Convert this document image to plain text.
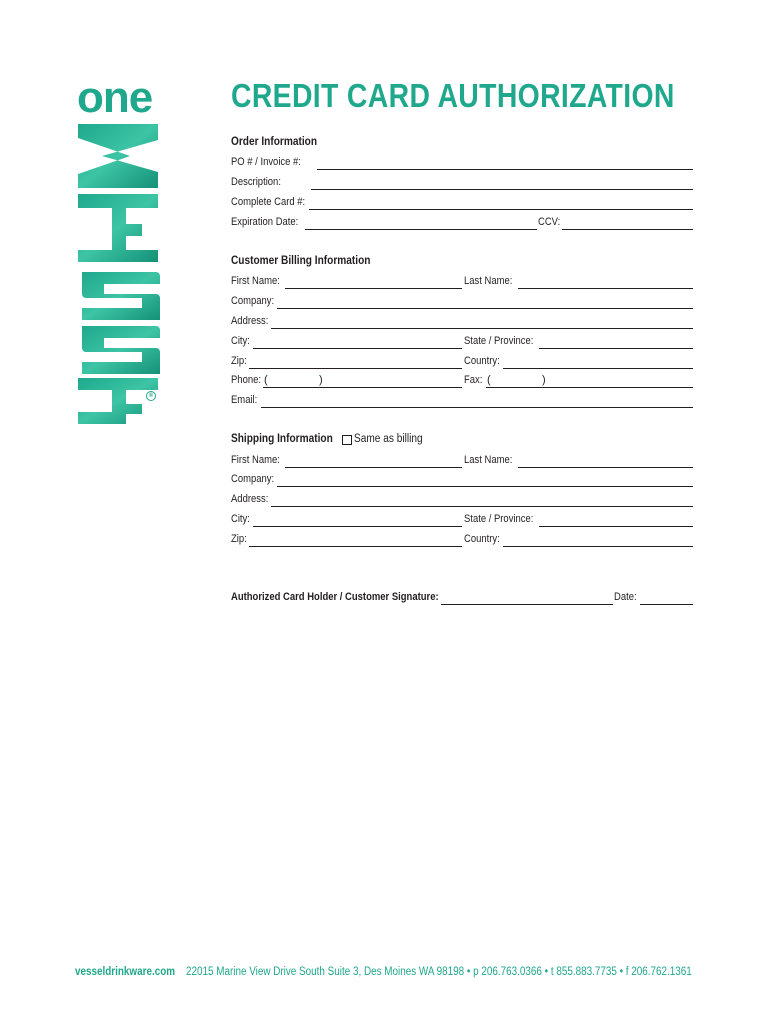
one
®
CREDIT CARD AUTHORIZATION
Order Information
PO # / Invoice #:
Description:
Complete Card #:
Expiration Date:	CCV:
Customer Billing Information
First Name:	Last Name:
Company:
Address:
City:	State / Province:
Zip:	Country:
Phone: (	)	Fax: (	)
Email:
Shipping Information Same as billing
First Name:	Last Name:
Company:
Address:
City:	State / Province:
Zip:	Country:
Authorized Card Holder / Customer Signature:	Date:
vesseldrinkware.com 22015 Marine View Drive South Suite 3, Des Moines WA 98198 • p 206.763.0366 • t 855.883.7735 • f 206.762.1361
